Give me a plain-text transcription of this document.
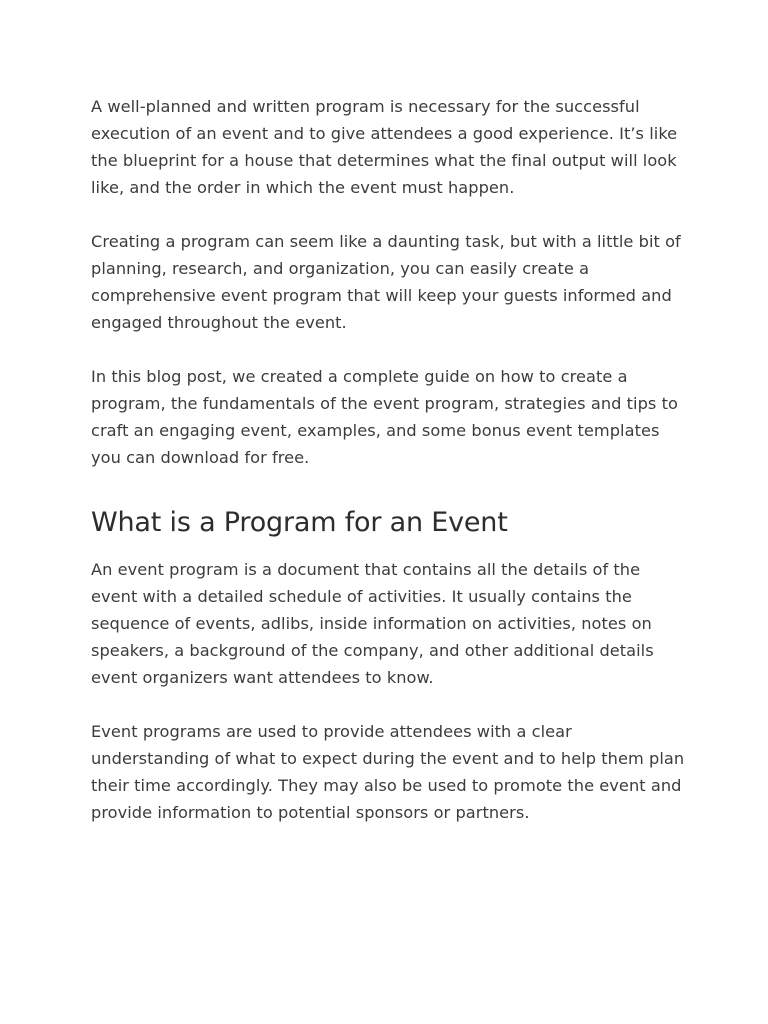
A well-planned and written program is necessary for the successful execution of an event and to give attendees a good experience. It’s like the blueprint for a house that determines what the final output will look like, and the order in which the event must happen.

Creating a program can seem like a daunting task, but with a little bit of planning, research, and organization, you can easily create a comprehensive event program that will keep your guests informed and engaged throughout the event.

In this blog post, we created a complete guide on how to create a program, the fundamentals of the event program, strategies and tips to craft an engaging event, examples, and some bonus event templates you can download for free.

What is a Program for an Event

An event program is a document that contains all the details of the event with a detailed schedule of activities. It usually contains the sequence of events, adlibs, inside information on activities, notes on speakers, a background of the company, and other additional details event organizers want attendees to know.

Event programs are used to provide attendees with a clear understanding of what to expect during the event and to help them plan their time accordingly. They may also be used to promote the event and provide information to potential sponsors or partners.
